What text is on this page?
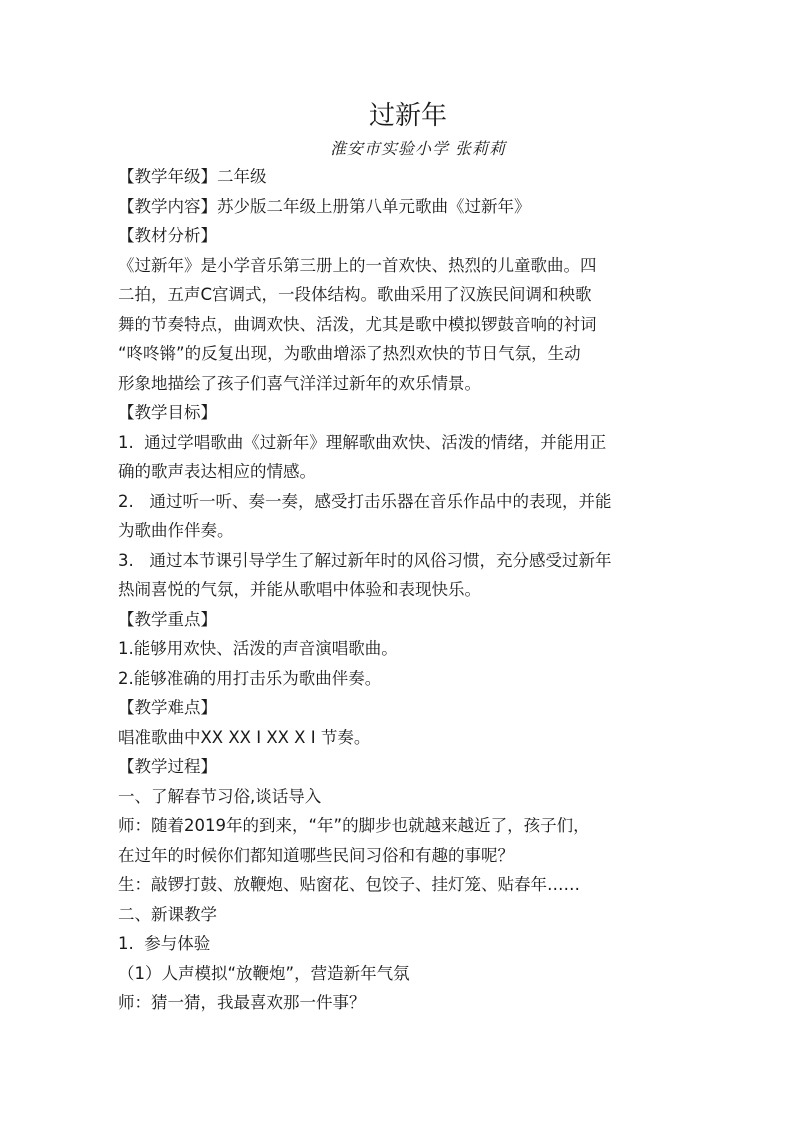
过新年
淮安市实验小学 张莉莉
【教学年级】二年级
【教学内容】苏少版二年级上册第八单元歌曲《过新年》
【教材分析】
《过新年》是小学音乐第三册上的一首欢快、热烈的儿童歌曲。四
二拍，五声C宫调式，一段体结构。歌曲采用了汉族民间调和秧歌
舞的节奏特点，曲调欢快、活泼，尤其是歌中模拟锣鼓音响的衬词
“咚咚锵”的反复出现，为歌曲增添了热烈欢快的节日气氛，生动
形象地描绘了孩子们喜气洋洋过新年的欢乐情景。
【教学目标】
1.  通过学唱歌曲《过新年》理解歌曲欢快、活泼的情绪，并能用正
确的歌声表达相应的情感。
2.   通过听一听、奏一奏，感受打击乐器在音乐作品中的表现，并能
为歌曲作伴奏。
3.   通过本节课引导学生了解过新年时的风俗习惯，充分感受过新年
热闹喜悦的气氛，并能从歌唱中体验和表现快乐。
【教学重点】
1.能够用欢快、活泼的声音演唱歌曲。
2.能够准确的用打击乐为歌曲伴奏。
【教学难点】
唱准歌曲中XX XX I XX X I 节奏。
【教学过程】
一、了解春节习俗,谈话导入
师：随着2019年的到来，“年”的脚步也就越来越近了，孩子们，
在过年的时候你们都知道哪些民间习俗和有趣的事呢？
生：敲锣打鼓、放鞭炮、贴窗花、包饺子、挂灯笼、贴春年……
二、新课教学
1.  参与体验
（1）人声模拟“放鞭炮”，营造新年气氛
师：猜一猜，我最喜欢那一件事？
